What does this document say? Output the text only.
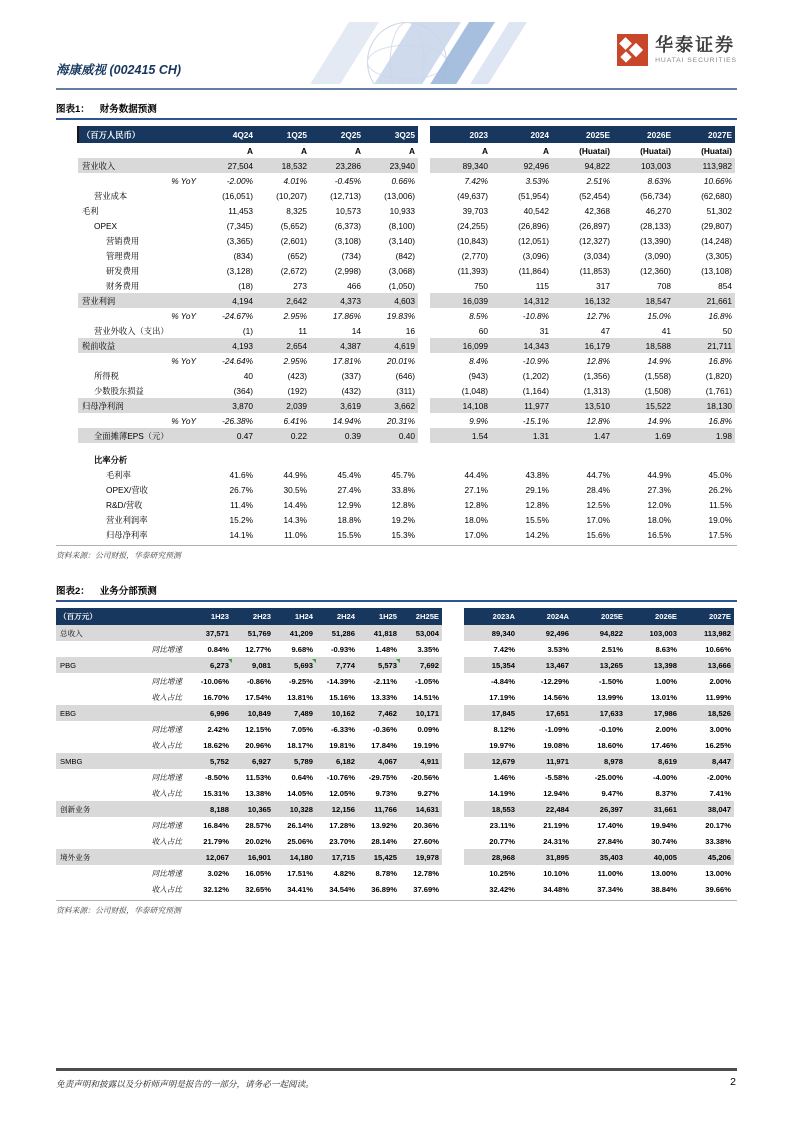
海康威视 (002415 CH)
华泰证券
HUATAI SECURITIES
图表1： 财务数据预测
（百万人民币）	4Q24	1Q25	2Q25	3Q25		2023	2024	2025E	2026E	2027E
	A	A	A	A		A	A	(Huatai)	(Huatai)	(Huatai)
营业收入	27,504	18,532	23,286	23,940		89,340	92,496	94,822	103,003	113,982
% YoY	-2.00%	4.01%	-0.45%	0.66%		7.42%	3.53%	2.51%	8.63%	10.66%
营业成本	(16,051)	(10,207)	(12,713)	(13,006)		(49,637)	(51,954)	(52,454)	(56,734)	(62,680)
毛利	11,453	8,325	10,573	10,933		39,703	40,542	42,368	46,270	51,302
OPEX	(7,345)	(5,652)	(6,373)	(8,100)		(24,255)	(26,896)	(26,897)	(28,133)	(29,807)
营销费用	(3,365)	(2,601)	(3,108)	(3,140)		(10,843)	(12,051)	(12,327)	(13,390)	(14,248)
管理费用	(834)	(652)	(734)	(842)		(2,770)	(3,096)	(3,034)	(3,090)	(3,305)
研发费用	(3,128)	(2,672)	(2,998)	(3,068)		(11,393)	(11,864)	(11,853)	(12,360)	(13,108)
财务费用	(18)	273	466	(1,050)		750	115	317	708	854
营业利润	4,194	2,642	4,373	4,603		16,039	14,312	16,132	18,547	21,661
% YoY	-24.67%	2.95%	17.86%	19.83%		8.5%	-10.8%	12.7%	15.0%	16.8%
营业外收入（支出）	(1)	11	14	16		60	31	47	41	50
税前收益	4,193	2,654	4,387	4,619		16,099	14,343	16,179	18,588	21,711
% YoY	-24.64%	2.95%	17.81%	20.01%		8.4%	-10.9%	12.8%	14.9%	16.8%
所得税	40	(423)	(337)	(646)		(943)	(1,202)	(1,356)	(1,558)	(1,820)
少数股东损益	(364)	(192)	(432)	(311)		(1,048)	(1,164)	(1,313)	(1,508)	(1,761)
归母净利润	3,870	2,039	3,619	3,662		14,108	11,977	13,510	15,522	18,130
% YoY	-26.38%	6.41%	14.94%	20.31%		9.9%	-15.1%	12.8%	14.9%	16.8%
全面摊薄EPS（元）	0.47	0.22	0.39	0.40		1.54	1.31	1.47	1.69	1.98

比率分析										
毛利率	41.6%	44.9%	45.4%	45.7%		44.4%	43.8%	44.7%	44.9%	45.0%
OPEX/营收	26.7%	30.5%	27.4%	33.8%		27.1%	29.1%	28.4%	27.3%	26.2%
R&D/营收	11.4%	14.4%	12.9%	12.8%		12.8%	12.8%	12.5%	12.0%	11.5%
营业利润率	15.2%	14.3%	18.8%	19.2%		18.0%	15.5%	17.0%	18.0%	19.0%
归母净利率	14.1%	11.0%	15.5%	15.3%		17.0%	14.2%	15.6%	16.5%	17.5%
资料来源：公司财报，华泰研究预测
图表2： 业务分部预测
（百万元）	1H23	2H23	1H24	2H24	1H25	2H25E		2023A	2024A	2025E	2026E	2027E
总收入	37,571	51,769	41,209	51,286	41,818	53,004		89,340	92,496	94,822	103,003	113,982
同比增速	0.84%	12.77%	9.68%	-0.93%	1.48%	3.35%		7.42%	3.53%	2.51%	8.63%	10.66%
PBG	6,273	9,081	5,693	7,774	5,573	7,692		15,354	13,467	13,265	13,398	13,666
同比增速	-10.06%	-0.86%	-9.25%	-14.39%	-2.11%	-1.05%		-4.84%	-12.29%	-1.50%	1.00%	2.00%
收入占比	16.70%	17.54%	13.81%	15.16%	13.33%	14.51%		17.19%	14.56%	13.99%	13.01%	11.99%
EBG	6,996	10,849	7,489	10,162	7,462	10,171		17,845	17,651	17,633	17,986	18,526
同比增速	2.42%	12.15%	7.05%	-6.33%	-0.36%	0.09%		8.12%	-1.09%	-0.10%	2.00%	3.00%
收入占比	18.62%	20.96%	18.17%	19.81%	17.84%	19.19%		19.97%	19.08%	18.60%	17.46%	16.25%
SMBG	5,752	6,927	5,789	6,182	4,067	4,911		12,679	11,971	8,978	8,619	8,447
同比增速	-8.50%	11.53%	0.64%	-10.76%	-29.75%	-20.56%		1.46%	-5.58%	-25.00%	-4.00%	-2.00%
收入占比	15.31%	13.38%	14.05%	12.05%	9.73%	9.27%		14.19%	12.94%	9.47%	8.37%	7.41%
创新业务	8,188	10,365	10,328	12,156	11,766	14,631		18,553	22,484	26,397	31,661	38,047
同比增速	16.84%	28.57%	26.14%	17.28%	13.92%	20.36%		23.11%	21.19%	17.40%	19.94%	20.17%
收入占比	21.79%	20.02%	25.06%	23.70%	28.14%	27.60%		20.77%	24.31%	27.84%	30.74%	33.38%
境外业务	12,067	16,901	14,180	17,715	15,425	19,978		28,968	31,895	35,403	40,005	45,206
同比增速	3.02%	16.05%	17.51%	4.82%	8.78%	12.78%		10.25%	10.10%	11.00%	13.00%	13.00%
收入占比	32.12%	32.65%	34.41%	34.54%	36.89%	37.69%		32.42%	34.48%	37.34%	38.84%	39.66%
资料来源：公司财报，华泰研究预测
免责声明和披露以及分析师声明是报告的一部分，请务必一起阅读。	2
